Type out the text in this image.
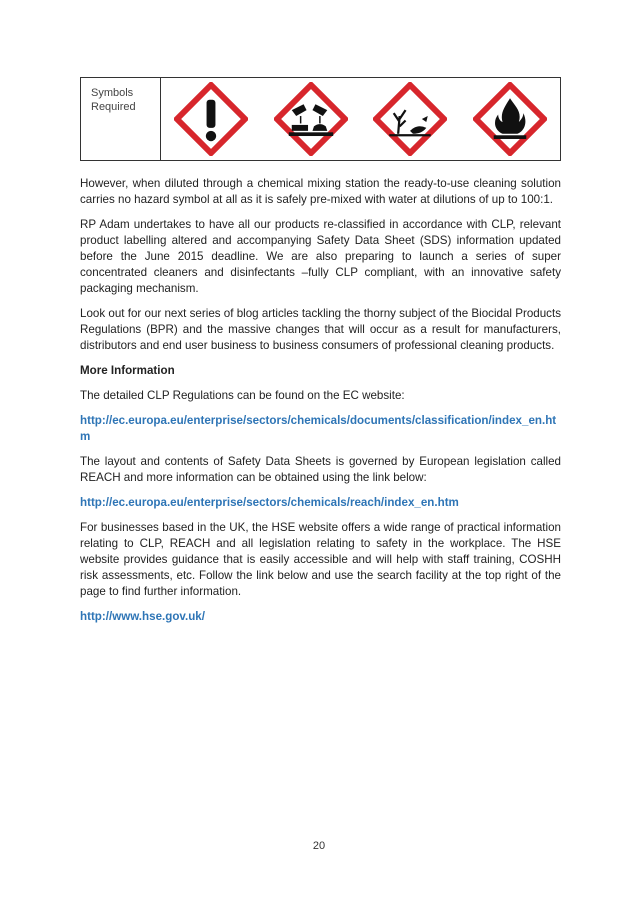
Symbols
Required

However, when diluted through a chemical mixing station the ready-to-use cleaning solution carries no hazard symbol at all as it is safely pre-mixed with water at dilutions of up to 100:1.

RP Adam undertakes to have all our products re-classified in accordance with CLP, relevant product labelling altered and accompanying Safety Data Sheet (SDS) information updated before the June 2015 deadline. We are also preparing to launch a series of super concentrated cleaners and disinfectants –fully CLP compliant, with an innovative safety packaging mechanism.

Look out for our next series of blog articles tackling the thorny subject of the Biocidal Products Regulations (BPR) and the massive changes that will occur as a result for manufacturers, distributors and end user business to business consumers of professional cleaning products.

More Information

The detailed CLP Regulations can be found on the EC website:

http://ec.europa.eu/enterprise/sectors/chemicals/documents/classification/index_en.htm

The layout and contents of Safety Data Sheets is governed by European legislation called REACH and more information can be obtained using the link below:

http://ec.europa.eu/enterprise/sectors/chemicals/reach/index_en.htm

For businesses based in the UK, the HSE website offers a wide range of practical information relating to CLP, REACH and all legislation relating to safety in the workplace. The HSE website provides guidance that is easily accessible and will help with staff training, COSHH risk assessments, etc. Follow the link below and use the search facility at the top right of the page to find further information.

http://www.hse.gov.uk/

20
